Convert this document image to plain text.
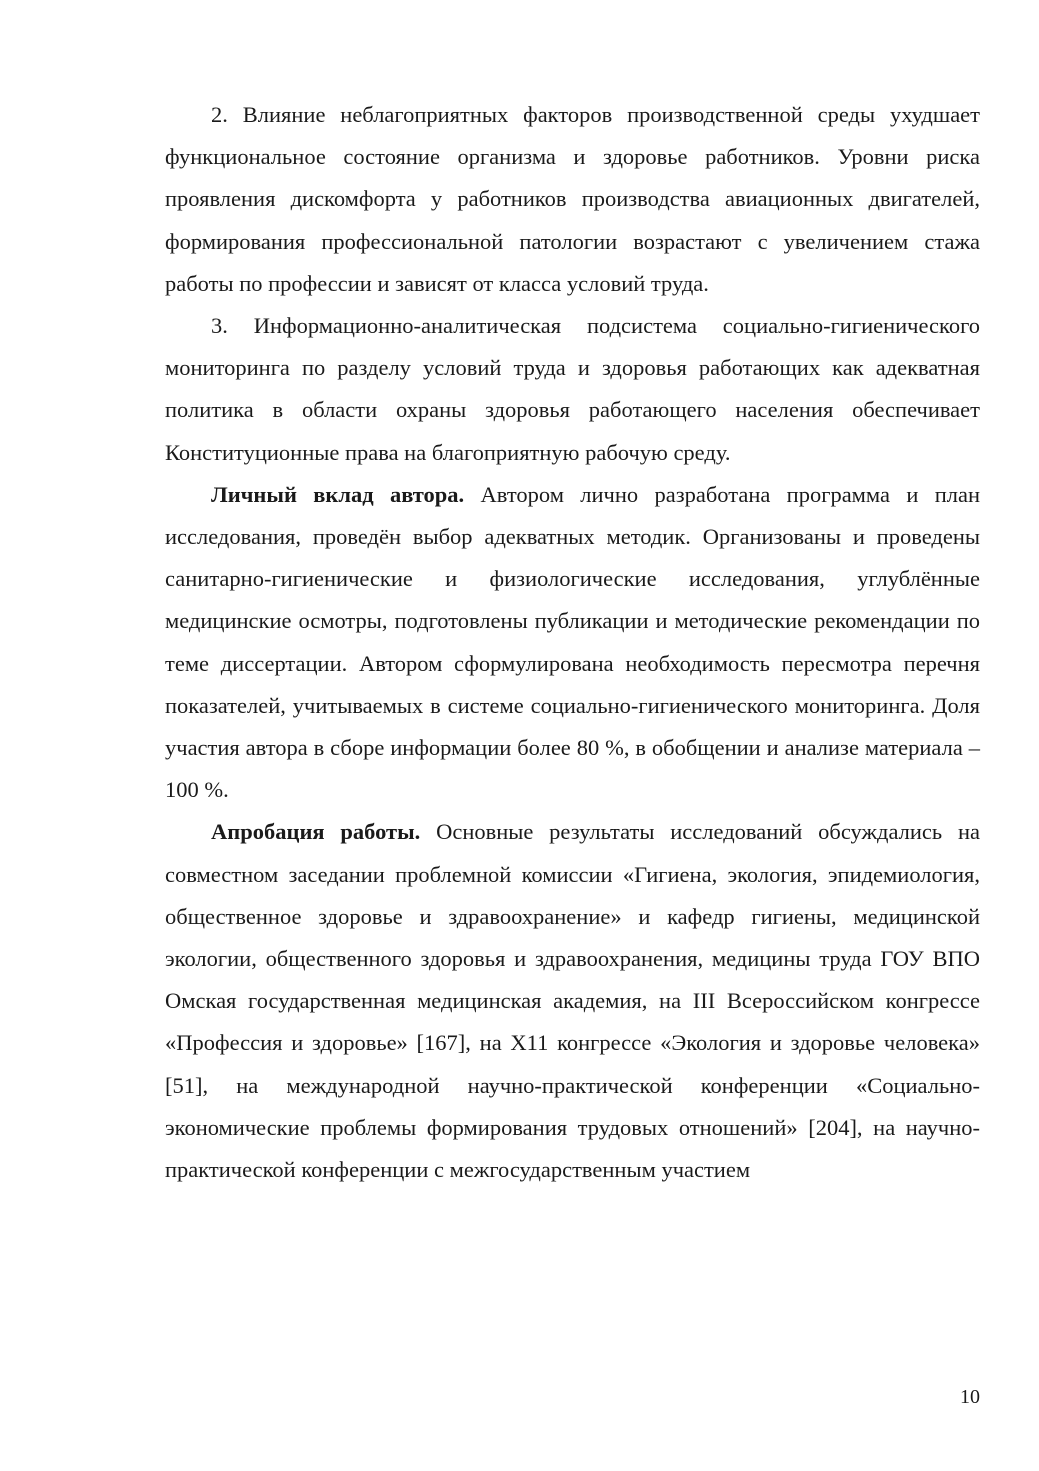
2. Влияние неблагоприятных факторов производственной среды ухудшает функциональное состояние организма и здоровье работников. Уровни риска проявления дискомфорта у работников производства авиационных двигателей, формирования профессиональной патологии возрастают с увеличением стажа работы по профессии и зависят от класса условий труда.

3. Информационно-аналитическая подсистема социально-гигиенического мониторинга по разделу условий труда и здоровья работающих как адекватная политика в области охраны здоровья работающего населения обеспечивает Конституционные права на благоприятную рабочую среду.

Личный вклад автора. Автором лично разработана программа и план исследования, проведён выбор адекватных методик. Организованы и проведены санитарно-гигиенические и физиологические исследования, углублённые медицинские осмотры, подготовлены публикации и методические рекомендации по теме диссертации. Автором сформулирована необходимость пересмотра перечня показателей, учитываемых в системе социально-гигиенического мониторинга. Доля участия автора в сборе информации более 80 %, в обобщении и анализе материала – 100 %.

Апробация работы. Основные результаты исследований обсуждались на совместном заседании проблемной комиссии «Гигиена, экология, эпидемиология, общественное здоровье и здравоохранение» и кафедр гигиены, медицинской экологии, общественного здоровья и здравоохранения, медицины труда ГОУ ВПО Омская государственная медицинская академия, на III Всероссийском конгрессе «Профессия и здоровье» [167], на Х11 конгрессе «Экология и здоровье человека» [51], на международной научно-практической конференции «Социально-экономические проблемы формирования трудовых отношений» [204], на научно-практической конференции с межгосударственным участием

10
